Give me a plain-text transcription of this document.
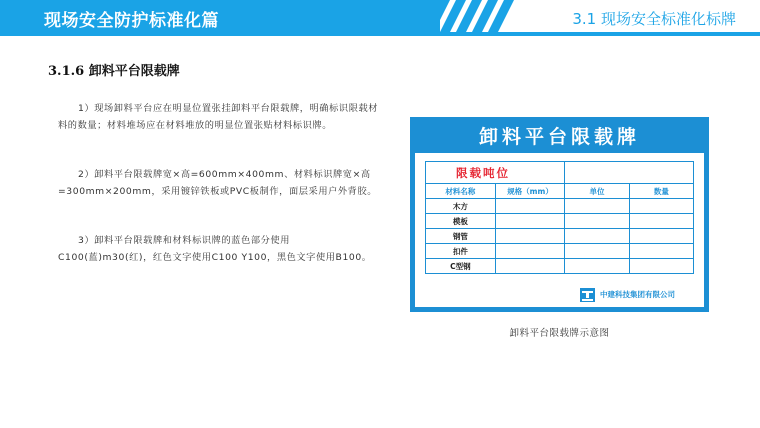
现场安全防护标准化篇	3.1 现场安全标准化标牌
3.1.6 卸料平台限载牌
1）现场卸料平台应在明显位置张挂卸料平台限载牌，明确标识限载材料的数量；材料堆场应在材料堆放的明显位置张贴材料标识牌。
2）卸料平台限载牌宽×高=600mm×400mm、材料标识牌宽×高=300mm×200mm，采用镀锌铁板或PVC板制作，面层采用户外背胶。
3）卸料平台限载牌和材料标识牌的蓝色部分使用C100(蓝)m30(红)，红色文字使用C100 Y100，黑色文字使用B100。
卸料平台限载牌
限载吨位			
材料名称	规格（mm）	单位	数量
木方			
模板			
钢管			
扣件			
C型钢			
中建科技集团有限公司
卸料平台限载牌示意图
